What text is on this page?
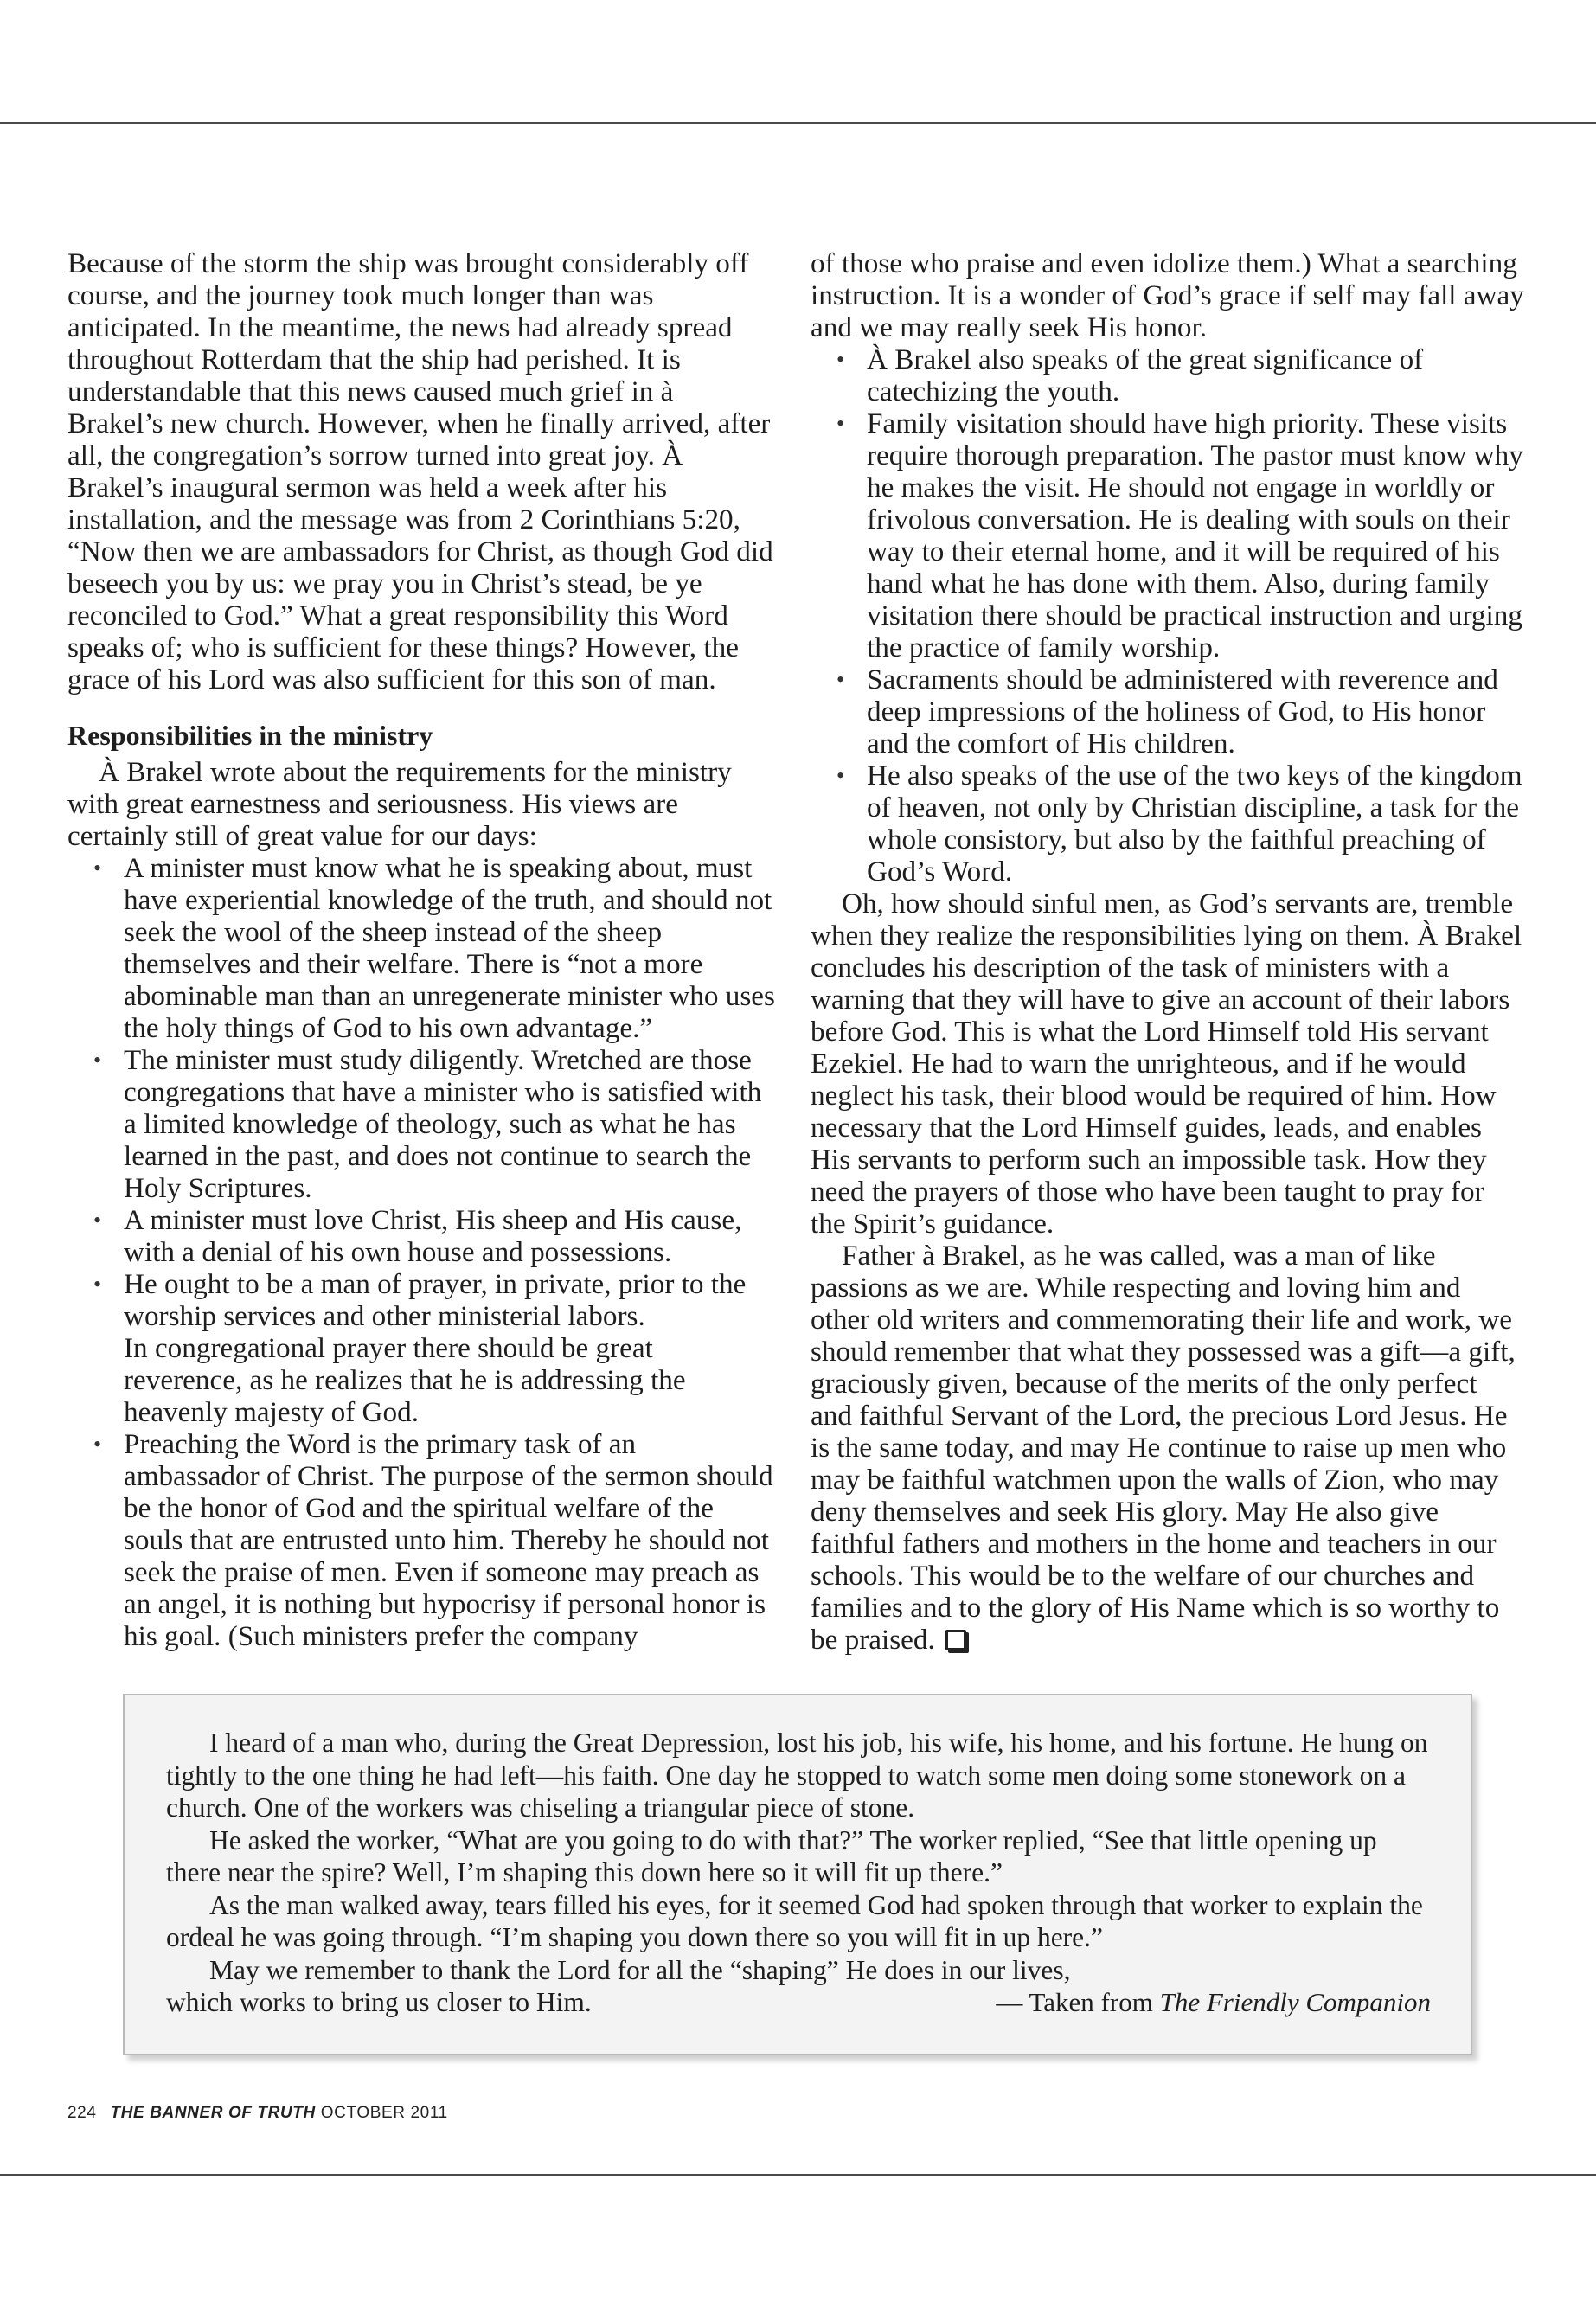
Because of the storm the ship was brought considerably off course, and the journey took much longer than was anticipated. In the meantime, the news had already spread throughout Rotterdam that the ship had perished. It is understandable that this news caused much grief in à Brakel’s new church. However, when he finally arrived, after all, the congregation’s sorrow turned into great joy. À Brakel’s inaugural sermon was held a week after his installation, and the message was from 2 Corinthians 5:20, “Now then we are ambassadors for Christ, as though God did beseech you by us: we pray you in Christ’s stead, be ye reconciled to God.” What a great responsibility this Word speaks of; who is sufficient for these things? However, the grace of his Lord was also sufficient for this son of man.

Responsibilities in the ministry

À Brakel wrote about the requirements for the ministry with great earnestness and seriousness. His views are certainly still of great value for our days:

• A minister must know what he is speaking about, must have experiential knowledge of the truth, and should not seek the wool of the sheep instead of the sheep themselves and their welfare. There is “not a more abominable man than an unregenerate minister who uses the holy things of God to his own advantage.”
• The minister must study diligently. Wretched are those congregations that have a minister who is satisfied with a limited knowledge of theology, such as what he has learned in the past, and does not continue to search the Holy Scriptures.
• A minister must love Christ, His sheep and His cause, with a denial of his own house and possessions.
• He ought to be a man of prayer, in private, prior to the worship services and other ministerial labors.
In congregational prayer there should be great reverence, as he realizes that he is addressing the heavenly majesty of God.
• Preaching the Word is the primary task of an ambassador of Christ. The purpose of the sermon should be the honor of God and the spiritual welfare of the souls that are entrusted unto him. Thereby he should not seek the praise of men. Even if someone may preach as an angel, it is nothing but hypocrisy if personal honor is his goal. (Such ministers prefer the company

of those who praise and even idolize them.) What a searching instruction. It is a wonder of God’s grace if self may fall away and we may really seek His honor.

• À Brakel also speaks of the great significance of catechizing the youth.
• Family visitation should have high priority. These visits require thorough preparation. The pastor must know why he makes the visit. He should not engage in worldly or frivolous conversation. He is dealing with souls on their way to their eternal home, and it will be required of his hand what he has done with them. Also, during family visitation there should be practical instruction and urging the practice of family worship.
• Sacraments should be administered with reverence and deep impressions of the holiness of God, to His honor and the comfort of His children.
• He also speaks of the use of the two keys of the kingdom of heaven, not only by Christian discipline, a task for the whole consistory, but also by the faithful preaching of God’s Word.

Oh, how should sinful men, as God’s servants are, tremble when they realize the responsibilities lying on them. À Brakel concludes his description of the task of ministers with a warning that they will have to give an account of their labors before God. This is what the Lord Himself told His servant Ezekiel. He had to warn the unrighteous, and if he would neglect his task, their blood would be required of him. How necessary that the Lord Himself guides, leads, and enables His servants to perform such an impossible task. How they need the prayers of those who have been taught to pray for the Spirit’s guidance.

Father à Brakel, as he was called, was a man of like passions as we are. While respecting and loving him and other old writers and commemorating their life and work, we should remember that what they possessed was a gift—a gift, graciously given, because of the merits of the only perfect and faithful Servant of the Lord, the precious Lord Jesus. He is the same today, and may He continue to raise up men who may be faithful watchmen upon the walls of Zion, who may deny themselves and seek His glory. May He also give faithful fathers and mothers in the home and teachers in our schools. This would be to the welfare of our churches and families and to the glory of His Name which is so worthy to be praised.

I heard of a man who, during the Great Depression, lost his job, his wife, his home, and his fortune. He hung on tightly to the one thing he had left—his faith. One day he stopped to watch some men doing some stonework on a church. One of the workers was chiseling a triangular piece of stone.

He asked the worker, “What are you going to do with that?” The worker replied, “See that little opening up there near the spire? Well, I’m shaping this down here so it will fit up there.”

As the man walked away, tears filled his eyes, for it seemed God had spoken through that worker to explain the ordeal he was going through. “I’m shaping you down there so you will fit in up here.”

May we remember to thank the Lord for all the “shaping” He does in our lives, which works to bring us closer to Him.	— Taken from The Friendly Companion
224 THE BANNER OF TRUTH OCTOBER 2011
